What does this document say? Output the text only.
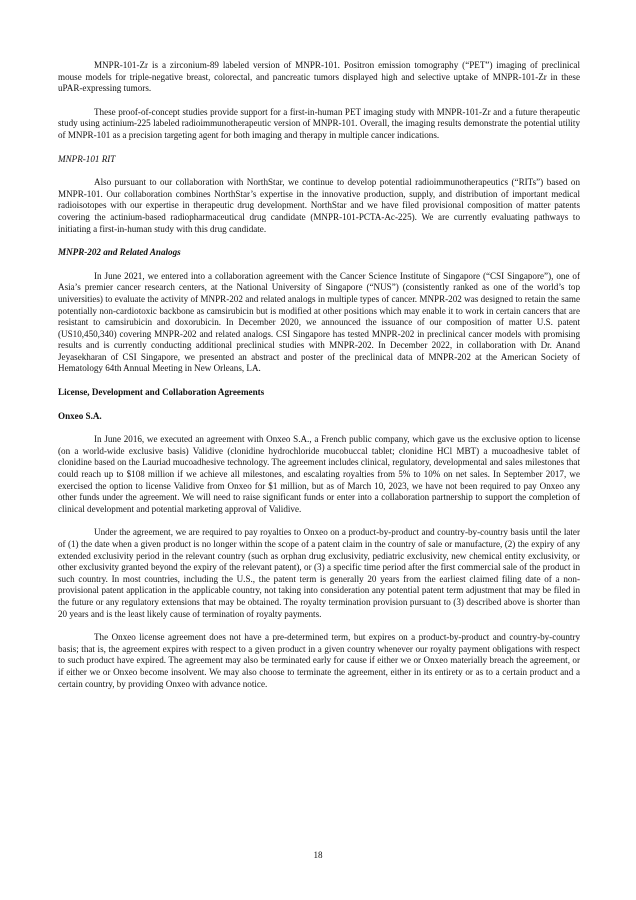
MNPR-101-Zr is a zirconium-89 labeled version of MNPR-101. Positron emission tomography (“PET”) imaging of preclinical mouse models for triple-negative breast, colorectal, and pancreatic tumors displayed high and selective uptake of MNPR-101-Zr in these uPAR-expressing tumors.

These proof-of-concept studies provide support for a first-in-human PET imaging study with MNPR-101-Zr and a future therapeutic study using actinium-225 labeled radioimmunotherapeutic version of MNPR-101. Overall, the imaging results demonstrate the potential utility of MNPR-101 as a precision targeting agent for both imaging and therapy in multiple cancer indications.

MNPR-101 RIT

Also pursuant to our collaboration with NorthStar, we continue to develop potential radioimmunotherapeutics (“RITs”) based on MNPR-101. Our collaboration combines NorthStar’s expertise in the innovative production, supply, and distribution of important medical radioisotopes with our expertise in therapeutic drug development. NorthStar and we have filed provisional composition of matter patents covering the actinium-based radiopharmaceutical drug candidate (MNPR-101-PCTA-Ac-225). We are currently evaluating pathways to initiating a first-in-human study with this drug candidate.

MNPR-202 and Related Analogs

In June 2021, we entered into a collaboration agreement with the Cancer Science Institute of Singapore (“CSI Singapore”), one of Asia’s premier cancer research centers, at the National University of Singapore (“NUS”) (consistently ranked as one of the world’s top universities) to evaluate the activity of MNPR-202 and related analogs in multiple types of cancer. MNPR-202 was designed to retain the same potentially non-cardiotoxic backbone as camsirubicin but is modified at other positions which may enable it to work in certain cancers that are resistant to camsirubicin and doxorubicin. In December 2020, we announced the issuance of our composition of matter U.S. patent (US10,450,340) covering MNPR-202 and related analogs. CSI Singapore has tested MNPR-202 in preclinical cancer models with promising results and is currently conducting additional preclinical studies with MNPR-202. In December 2022, in collaboration with Dr. Anand Jeyasekharan of CSI Singapore, we presented an abstract and poster of the preclinical data of MNPR-202 at the American Society of Hematology 64th Annual Meeting in New Orleans, LA.

License, Development and Collaboration Agreements
Onxeo S.A.

In June 2016, we executed an agreement with Onxeo S.A., a French public company, which gave us the exclusive option to license (on a world-wide exclusive basis) Validive (clonidine hydrochloride mucobuccal tablet; clonidine HCl MBT) a mucoadhesive tablet of clonidine based on the Lauriad mucoadhesive technology. The agreement includes clinical, regulatory, developmental and sales milestones that could reach up to $108 million if we achieve all milestones, and escalating royalties from 5% to 10% on net sales. In September 2017, we exercised the option to license Validive from Onxeo for $1 million, but as of March 10, 2023, we have not been required to pay Onxeo any other funds under the agreement. We will need to raise significant funds or enter into a collaboration partnership to support the completion of clinical development and potential marketing approval of Validive.

Under the agreement, we are required to pay royalties to Onxeo on a product-by-product and country-by-country basis until the later of (1) the date when a given product is no longer within the scope of a patent claim in the country of sale or manufacture, (2) the expiry of any extended exclusivity period in the relevant country (such as orphan drug exclusivity, pediatric exclusivity, new chemical entity exclusivity, or other exclusivity granted beyond the expiry of the relevant patent), or (3) a specific time period after the first commercial sale of the product in such country. In most countries, including the U.S., the patent term is generally 20 years from the earliest claimed filing date of a non-provisional patent application in the applicable country, not taking into consideration any potential patent term adjustment that may be filed in the future or any regulatory extensions that may be obtained. The royalty termination provision pursuant to (3) described above is shorter than 20 years and is the least likely cause of termination of royalty payments.

The Onxeo license agreement does not have a pre-determined term, but expires on a product-by-product and country-by-country basis; that is, the agreement expires with respect to a given product in a given country whenever our royalty payment obligations with respect to such product have expired. The agreement may also be terminated early for cause if either we or Onxeo materially breach the agreement, or if either we or Onxeo become insolvent. We may also choose to terminate the agreement, either in its entirety or as to a certain product and a certain country, by providing Onxeo with advance notice.

18
